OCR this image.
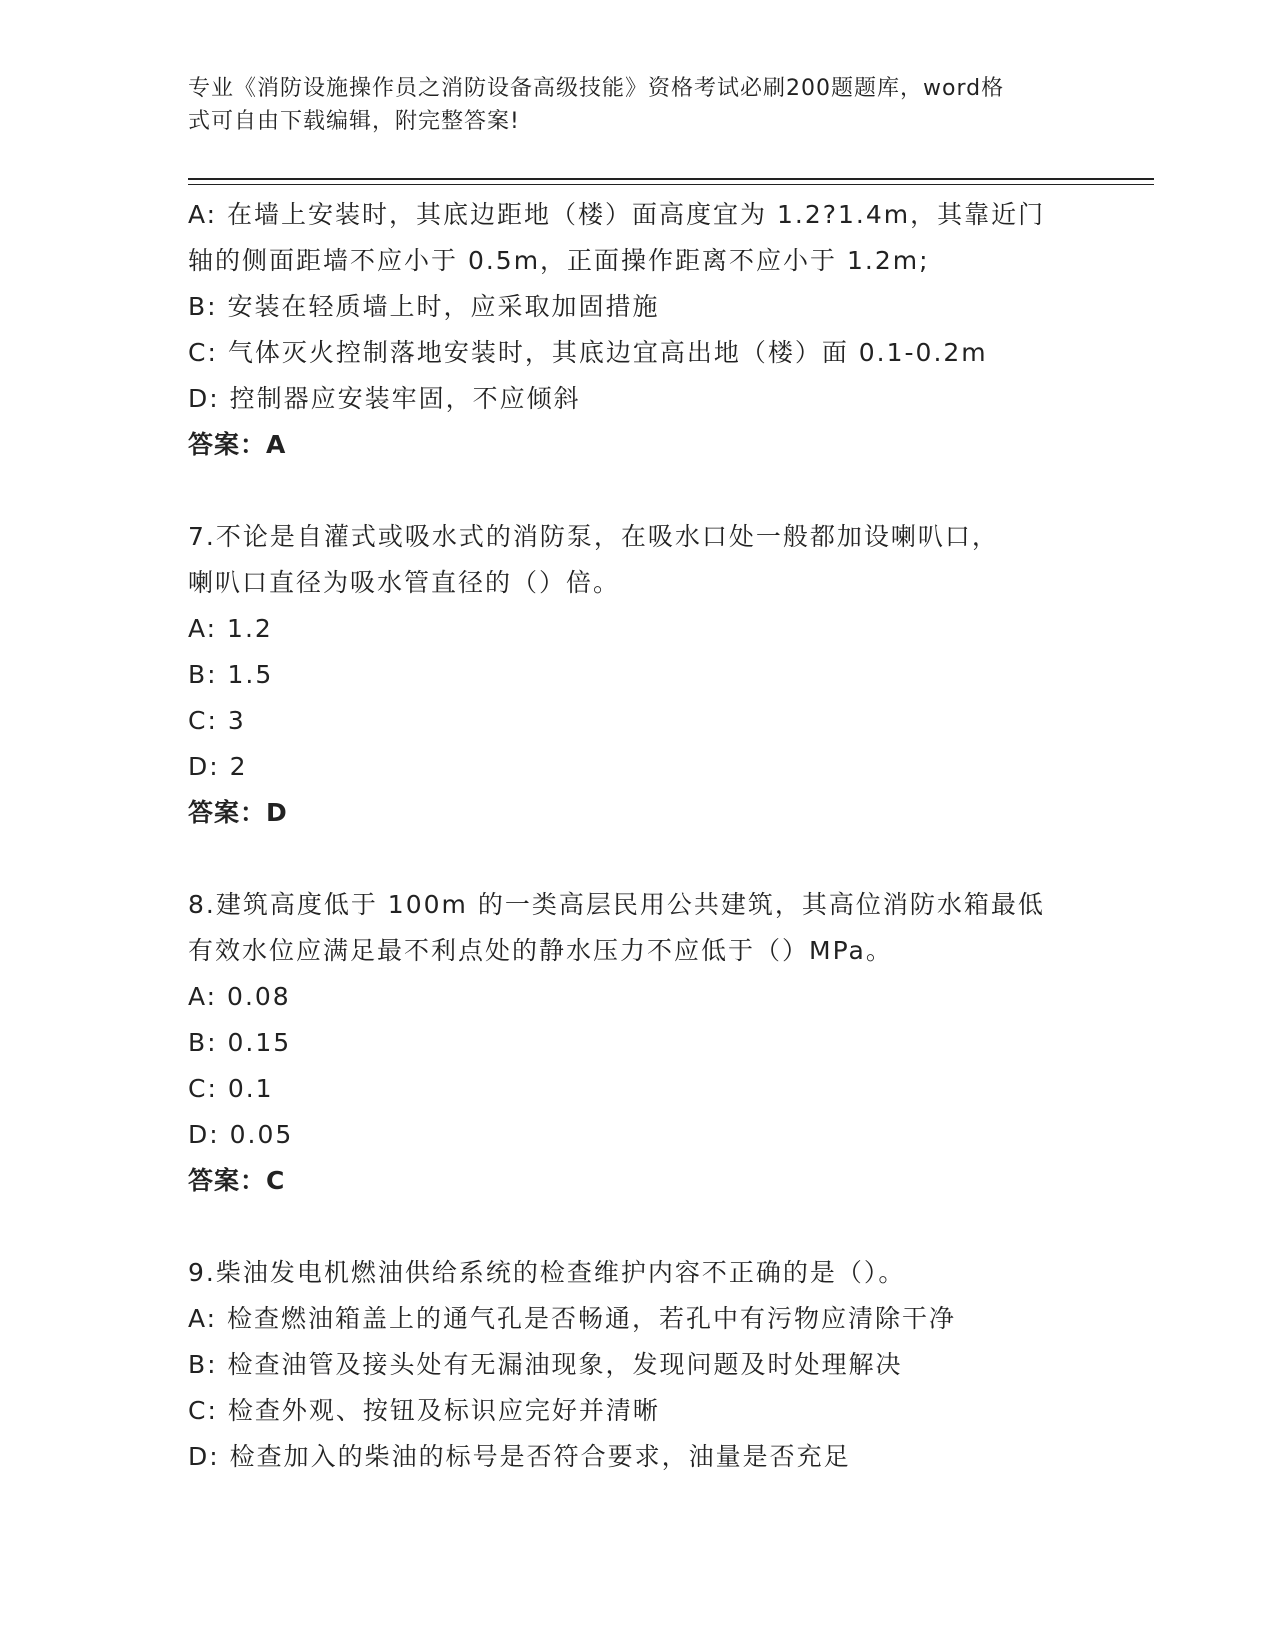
专业《消防设施操作员之消防设备高级技能》资格考试必刷200题题库，word格
式可自由下载编辑，附完整答案!
A: 在墙上安装时，其底边距地（楼）面高度宜为 1.2?1.4m，其靠近门
轴的侧面距墙不应小于 0.5m，正面操作距离不应小于 1.2m;
B: 安装在轻质墙上时，应采取加固措施
C: 气体灭火控制落地安装时，其底边宜高出地（楼）面 0.1-0.2m
D: 控制器应安装牢固，不应倾斜
答案：A
7.不论是自灌式或吸水式的消防泵，在吸水口处一般都加设喇叭口，
喇叭口直径为吸水管直径的（）倍。
A: 1.2
B: 1.5
C: 3
D: 2
答案：D
8.建筑高度低于 100m 的一类高层民用公共建筑，其高位消防水箱最低
有效水位应满足最不利点处的静水压力不应低于（）MPa。
A: 0.08
B: 0.15
C: 0.1
D: 0.05
答案：C
9.柴油发电机燃油供给系统的检查维护内容不正确的是（）。
A: 检查燃油箱盖上的通气孔是否畅通，若孔中有污物应清除干净
B: 检查油管及接头处有无漏油现象，发现问题及时处理解决
C: 检查外观、按钮及标识应完好并清晰
D: 检查加入的柴油的标号是否符合要求，油量是否充足
